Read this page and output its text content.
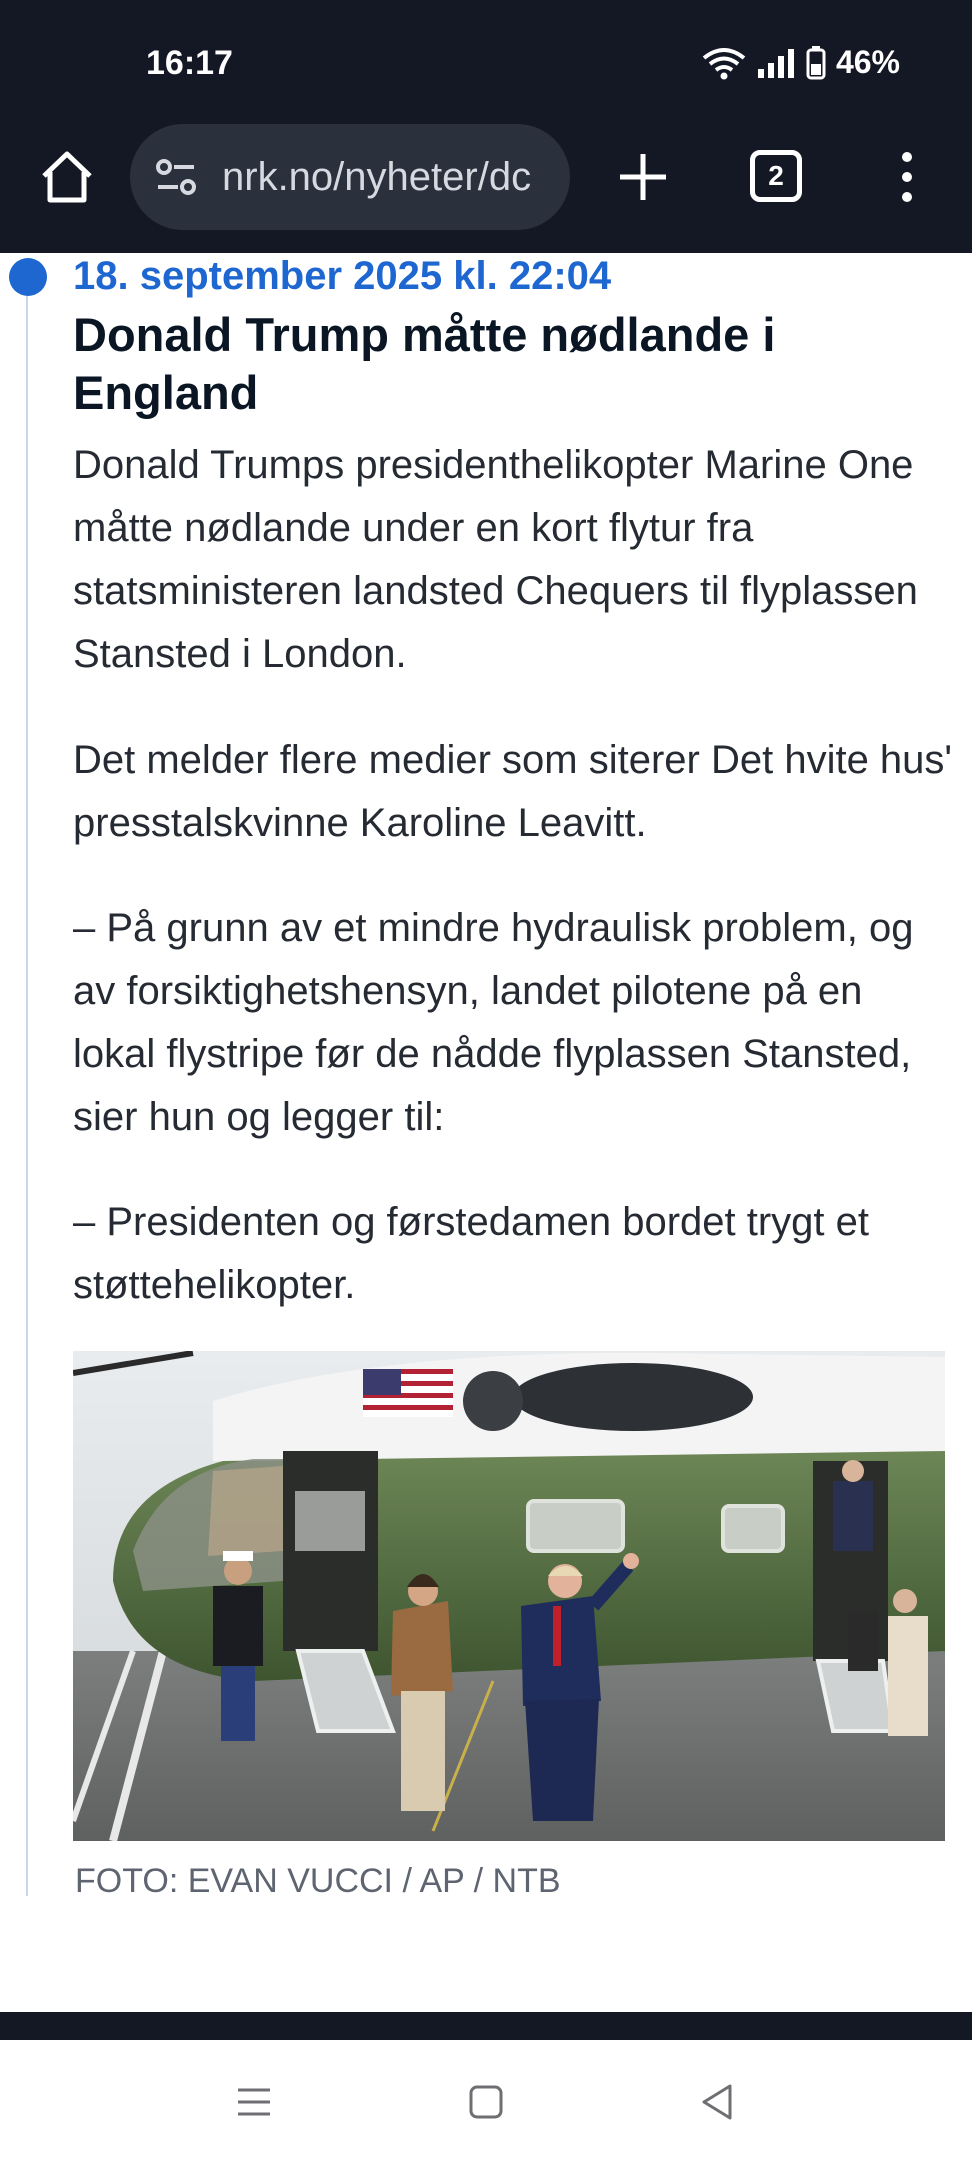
16:17	46%
nrk.no/nyheter/dc	2
18. september 2025 kl. 22:04
Donald Trump måtte nødlande i England

Donald Trumps presidenthelikopter Marine One måtte nødlande under en kort flytur fra statsministeren landsted Chequers til flyplassen Stansted i London.

Det melder flere medier som siterer Det hvite hus' presstalskvinne Karoline Leavitt.

– På grunn av et mindre hydraulisk problem, og av forsiktighetshensyn, landet pilotene på en lokal flystripe før de nådde flyplassen Stansted, sier hun og legger til:

– Presidenten og førstedamen bordet trygt et støttehelikopter.

FOTO: EVAN VUCCI / AP / NTB
